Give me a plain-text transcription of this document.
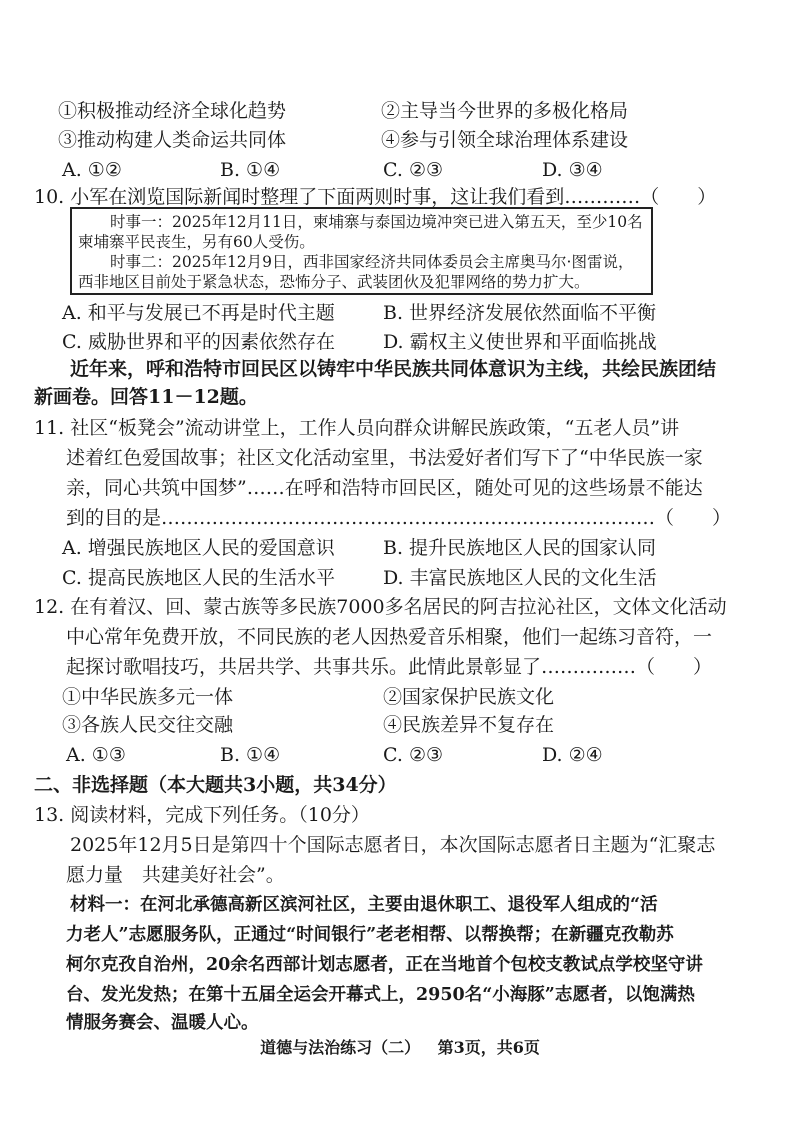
①积极推动经济全球化趋势	②主导当今世界的多极化格局
③推动构建人类命运共同体	④参与引领全球治理体系建设
A. ①②	B. ①④	C. ②③	D. ③④
10. 小军在浏览国际新闻时整理了下面两则时事，这让我们看到…………（　　）
时事一：2025年12月11日，柬埔寨与泰国边境冲突已进入第五天，至少10名
柬埔寨平民丧生，另有60人受伤。
时事二：2025年12月9日，西非国家经济共同体委员会主席奥马尔·图雷说，
西非地区目前处于紧急状态，恐怖分子、武装团伙及犯罪网络的势力扩大。
A. 和平与发展已不再是时代主题	B. 世界经济发展依然面临不平衡
C. 威胁世界和平的因素依然存在	D. 霸权主义使世界和平面临挑战
近年来，呼和浩特市回民区以铸牢中华民族共同体意识为主线，共绘民族团结
新画卷。回答11－12题。
11. 社区“板凳会”流动讲堂上，工作人员向群众讲解民族政策，“五老人员”讲
述着红色爱国故事；社区文化活动室里，书法爱好者们写下了“中华民族一家
亲，同心共筑中国梦”……在呼和浩特市回民区，随处可见的这些场景不能达
到的目的是……………………………………………………………………（　　）
A. 增强民族地区人民的爱国意识	B. 提升民族地区人民的国家认同
C. 提高民族地区人民的生活水平	D. 丰富民族地区人民的文化生活
12. 在有着汉、回、蒙古族等多民族7000多名居民的阿吉拉沁社区，文体文化活动
中心常年免费开放，不同民族的老人因热爱音乐相聚，他们一起练习音符，一
起探讨歌唱技巧，共居共学、共事共乐。此情此景彰显了……………（　　）
①中华民族多元一体	②国家保护民族文化
③各族人民交往交融	④民族差异不复存在
A. ①③	B. ①④	C. ②③	D. ②④
二、非选择题（本大题共3小题，共34分）
13. 阅读材料，完成下列任务。（10分）
2025年12月5日是第四十个国际志愿者日，本次国际志愿者日主题为“汇聚志
愿力量　共建美好社会”。
材料一：在河北承德高新区滨河社区，主要由退休职工、退役军人组成的“活
力老人”志愿服务队，正通过“时间银行”老老相帮、以帮换帮；在新疆克孜勒苏
柯尔克孜自治州，20余名西部计划志愿者，正在当地首个包校支教试点学校坚守讲
台、发光发热；在第十五届全运会开幕式上，2950名“小海豚”志愿者，以饱满热
情服务赛会、温暖人心。
道德与法治练习（二） 第3页，共6页
